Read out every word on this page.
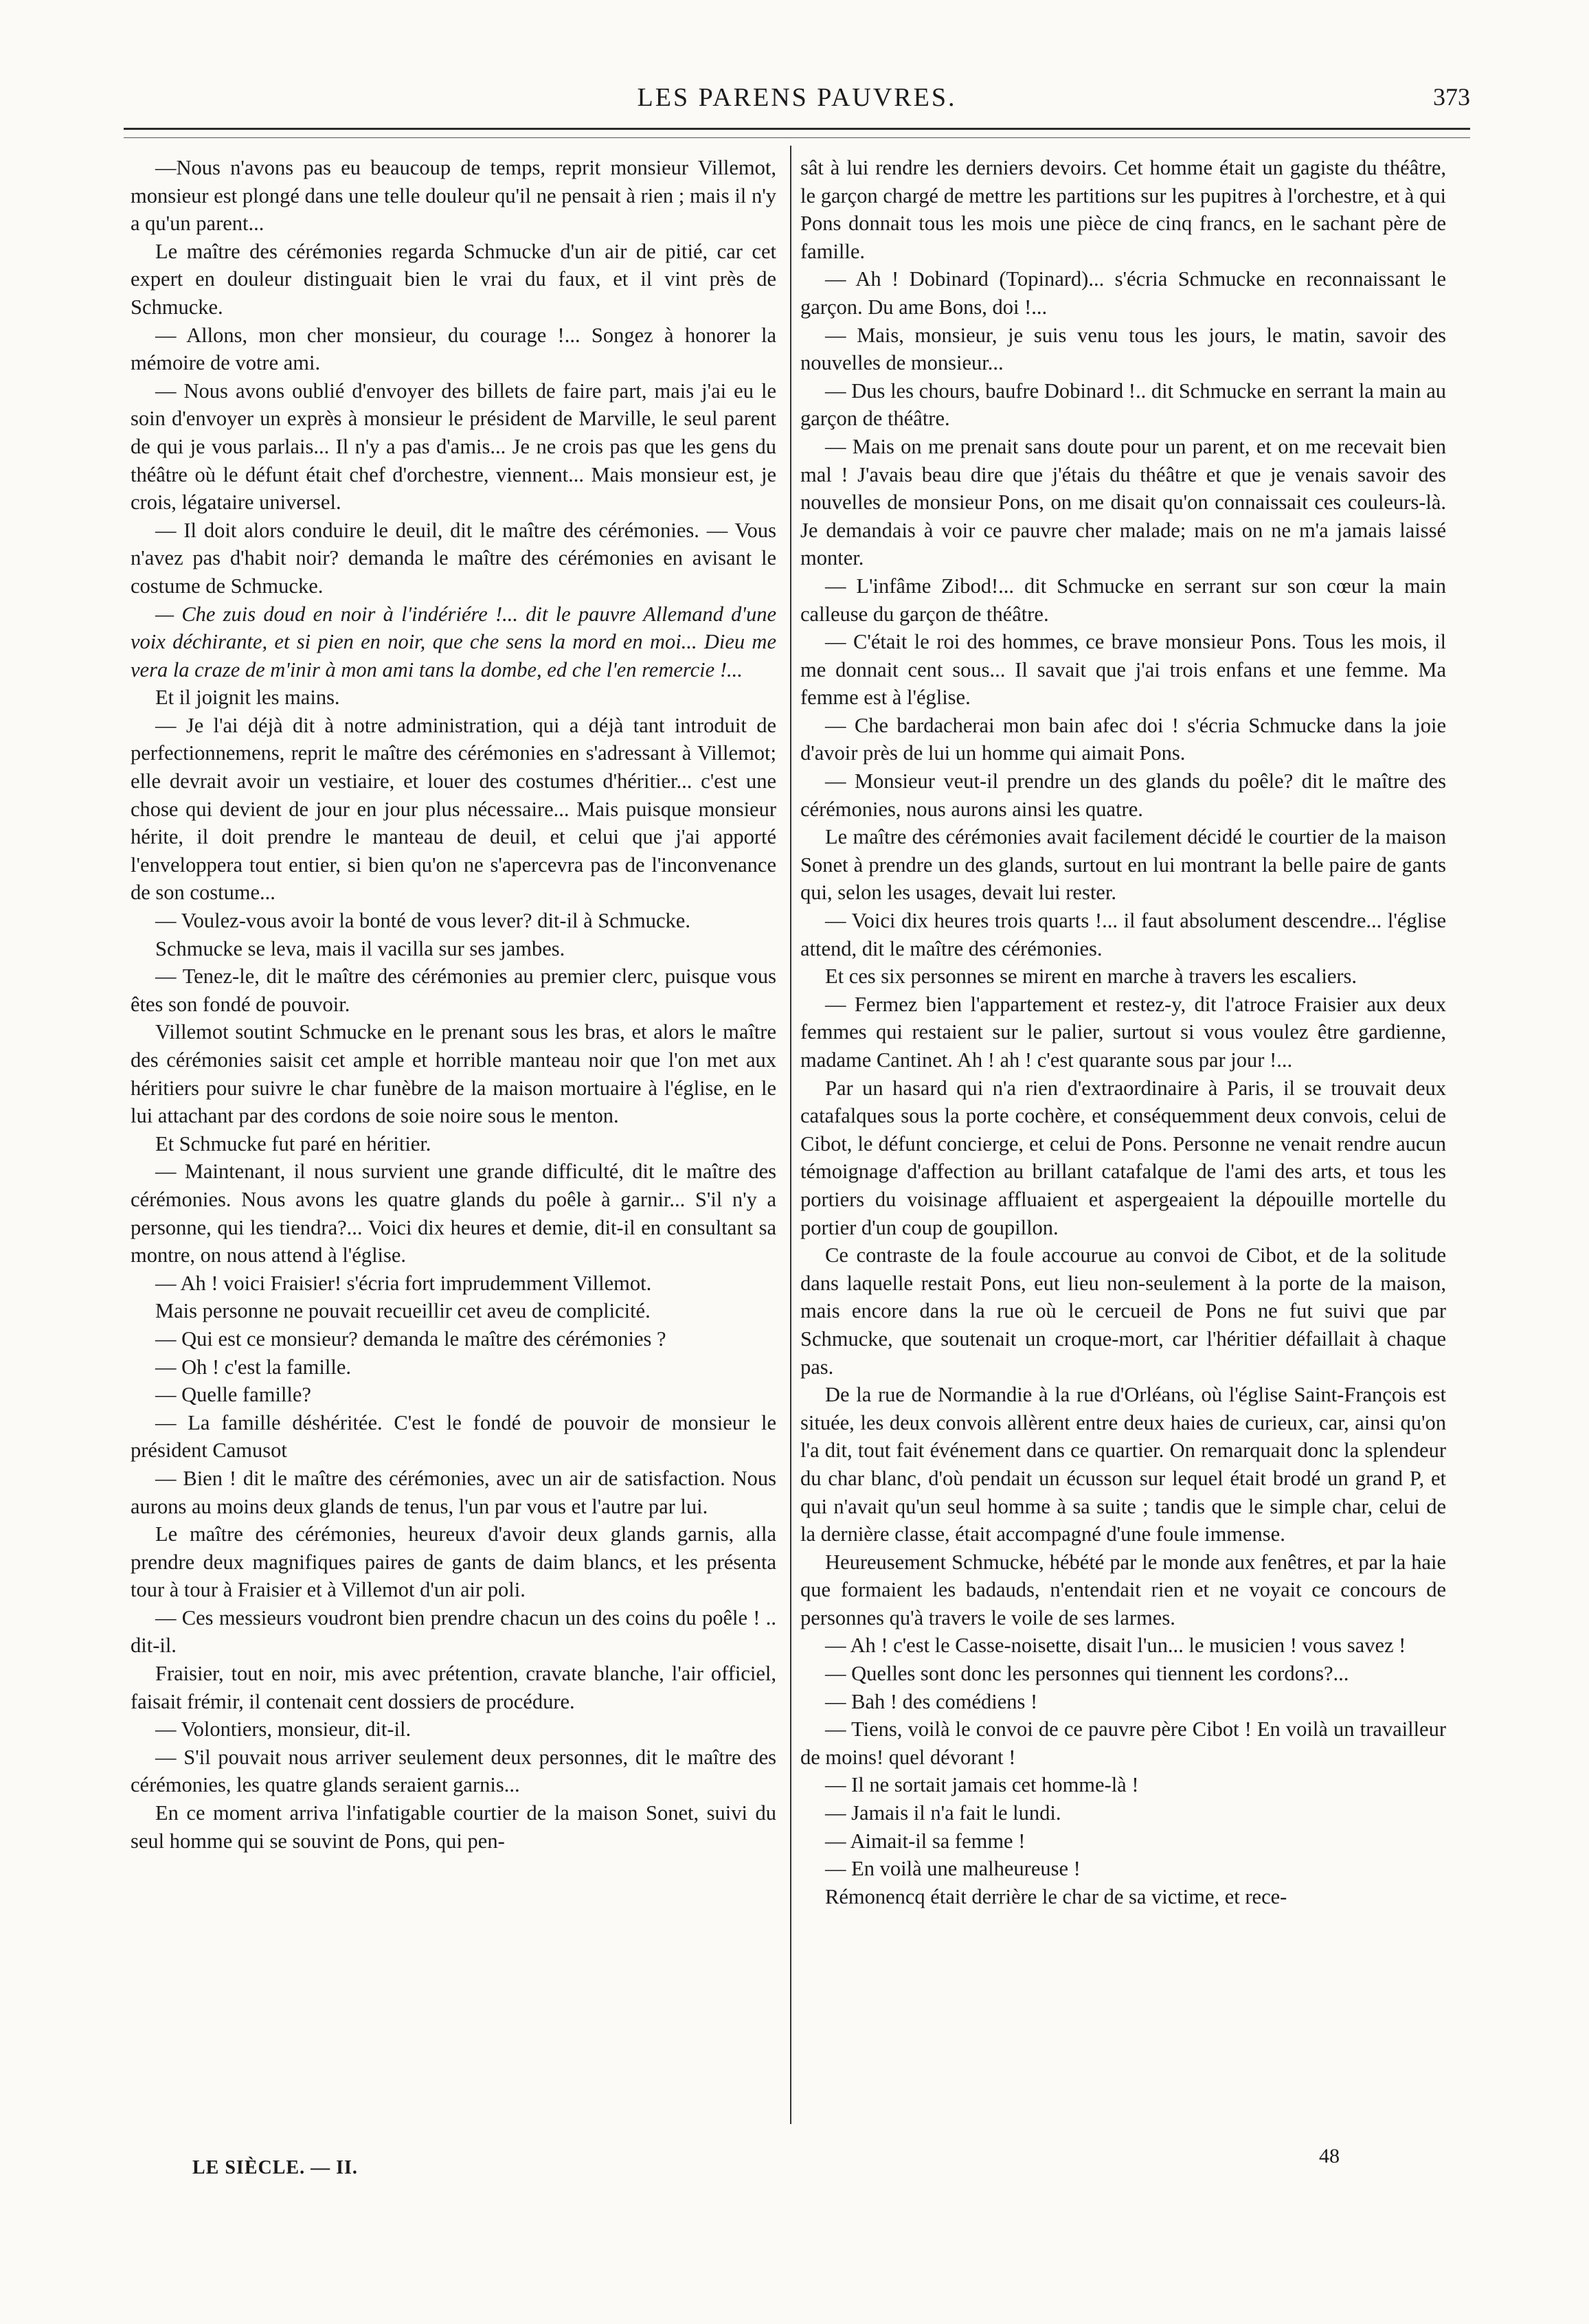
LES PARENS PAUVRES.	373

—Nous n'avons pas eu beaucoup de temps, reprit monsieur Villemot, monsieur est plongé dans une telle douleur qu'il ne pensait à rien ; mais il n'y a qu'un parent...

Le maître des cérémonies regarda Schmucke d'un air de pitié, car cet expert en douleur distinguait bien le vrai du faux, et il vint près de Schmucke.

— Allons, mon cher monsieur, du courage !... Songez à honorer la mémoire de votre ami.

— Nous avons oublié d'envoyer des billets de faire part, mais j'ai eu le soin d'envoyer un exprès à monsieur le président de Marville, le seul parent de qui je vous parlais... Il n'y a pas d'amis... Je ne crois pas que les gens du théâtre où le défunt était chef d'orchestre, viennent... Mais monsieur est, je crois, légataire universel.

— Il doit alors conduire le deuil, dit le maître des cérémonies. — Vous n'avez pas d'habit noir? demanda le maître des cérémonies en avisant le costume de Schmucke.

— Che zuis doud en noir à l'indériére !... dit le pauvre Allemand d'une voix déchirante, et si pien en noir, que che sens la mord en moi... Dieu me vera la craze de m'inir à mon ami tans la dombe, ed che l'en remercie !...

Et il joignit les mains.

— Je l'ai déjà dit à notre administration, qui a déjà tant introduit de perfectionnemens, reprit le maître des cérémonies en s'adressant à Villemot; elle devrait avoir un vestiaire, et louer des costumes d'héritier... c'est une chose qui devient de jour en jour plus nécessaire... Mais puisque monsieur hérite, il doit prendre le manteau de deuil, et celui que j'ai apporté l'enveloppera tout entier, si bien qu'on ne s'apercevra pas de l'inconvenance de son costume...

— Voulez-vous avoir la bonté de vous lever? dit-il à Schmucke.

Schmucke se leva, mais il vacilla sur ses jambes.

— Tenez-le, dit le maître des cérémonies au premier clerc, puisque vous êtes son fondé de pouvoir.

Villemot soutint Schmucke en le prenant sous les bras, et alors le maître des cérémonies saisit cet ample et horrible manteau noir que l'on met aux héritiers pour suivre le char funèbre de la maison mortuaire à l'église, en le lui attachant par des cordons de soie noire sous le menton.

Et Schmucke fut paré en héritier.

— Maintenant, il nous survient une grande difficulté, dit le maître des cérémonies. Nous avons les quatre glands du poêle à garnir... S'il n'y a personne, qui les tiendra?... Voici dix heures et demie, dit-il en consultant sa montre, on nous attend à l'église.

— Ah ! voici Fraisier! s'écria fort imprudemment Villemot.

Mais personne ne pouvait recueillir cet aveu de complicité.

— Qui est ce monsieur? demanda le maître des cérémonies ?

— Oh ! c'est la famille.

— Quelle famille?

— La famille déshéritée. C'est le fondé de pouvoir de monsieur le président Camusot

— Bien ! dit le maître des cérémonies, avec un air de satisfaction. Nous aurons au moins deux glands de tenus, l'un par vous et l'autre par lui.

Le maître des cérémonies, heureux d'avoir deux glands garnis, alla prendre deux magnifiques paires de gants de daim blancs, et les présenta tour à tour à Fraisier et à Villemot d'un air poli.

— Ces messieurs voudront bien prendre chacun un des coins du poêle ! .. dit-il.

Fraisier, tout en noir, mis avec prétention, cravate blanche, l'air officiel, faisait frémir, il contenait cent dossiers de procédure.

— Volontiers, monsieur, dit-il.

— S'il pouvait nous arriver seulement deux personnes, dit le maître des cérémonies, les quatre glands seraient garnis...

En ce moment arriva l'infatigable courtier de la maison Sonet, suivi du seul homme qui se souvint de Pons, qui pen-

sât à lui rendre les derniers devoirs. Cet homme était un gagiste du théâtre, le garçon chargé de mettre les partitions sur les pupitres à l'orchestre, et à qui Pons donnait tous les mois une pièce de cinq francs, en le sachant père de famille.

— Ah ! Dobinard (Topinard)... s'écria Schmucke en reconnaissant le garçon. Du ame Bons, doi !...

— Mais, monsieur, je suis venu tous les jours, le matin, savoir des nouvelles de monsieur...

— Dus les chours, baufre Dobinard !.. dit Schmucke en serrant la main au garçon de théâtre.

— Mais on me prenait sans doute pour un parent, et on me recevait bien mal ! J'avais beau dire que j'étais du théâtre et que je venais savoir des nouvelles de monsieur Pons, on me disait qu'on connaissait ces couleurs-là. Je demandais à voir ce pauvre cher malade; mais on ne m'a jamais laissé monter.

— L'infâme Zibod!... dit Schmucke en serrant sur son cœur la main calleuse du garçon de théâtre.

— C'était le roi des hommes, ce brave monsieur Pons. Tous les mois, il me donnait cent sous... Il savait que j'ai trois enfans et une femme. Ma femme est à l'église.

— Che bardacherai mon bain afec doi ! s'écria Schmucke dans la joie d'avoir près de lui un homme qui aimait Pons.

— Monsieur veut-il prendre un des glands du poêle? dit le maître des cérémonies, nous aurons ainsi les quatre.

Le maître des cérémonies avait facilement décidé le courtier de la maison Sonet à prendre un des glands, surtout en lui montrant la belle paire de gants qui, selon les usages, devait lui rester.

— Voici dix heures trois quarts !... il faut absolument descendre... l'église attend, dit le maître des cérémonies.

Et ces six personnes se mirent en marche à travers les escaliers.

— Fermez bien l'appartement et restez-y, dit l'atroce Fraisier aux deux femmes qui restaient sur le palier, surtout si vous voulez être gardienne, madame Cantinet. Ah ! ah ! c'est quarante sous par jour !...

Par un hasard qui n'a rien d'extraordinaire à Paris, il se trouvait deux catafalques sous la porte cochère, et conséquemment deux convois, celui de Cibot, le défunt concierge, et celui de Pons. Personne ne venait rendre aucun témoignage d'affection au brillant catafalque de l'ami des arts, et tous les portiers du voisinage affluaient et aspergeaient la dépouille mortelle du portier d'un coup de goupillon.

Ce contraste de la foule accourue au convoi de Cibot, et de la solitude dans laquelle restait Pons, eut lieu non-seulement à la porte de la maison, mais encore dans la rue où le cercueil de Pons ne fut suivi que par Schmucke, que soutenait un croque-mort, car l'héritier défaillait à chaque pas.

De la rue de Normandie à la rue d'Orléans, où l'église Saint-François est située, les deux convois allèrent entre deux haies de curieux, car, ainsi qu'on l'a dit, tout fait événement dans ce quartier. On remarquait donc la splendeur du char blanc, d'où pendait un écusson sur lequel était brodé un grand P, et qui n'avait qu'un seul homme à sa suite ; tandis que le simple char, celui de la dernière classe, était accompagné d'une foule immense.

Heureusement Schmucke, hébété par le monde aux fenêtres, et par la haie que formaient les badauds, n'entendait rien et ne voyait ce concours de personnes qu'à travers le voile de ses larmes.

— Ah ! c'est le Casse-noisette, disait l'un... le musicien ! vous savez !

— Quelles sont donc les personnes qui tiennent les cordons?...

— Bah ! des comédiens !

— Tiens, voilà le convoi de ce pauvre père Cibot ! En voilà un travailleur de moins! quel dévorant !

— Il ne sortait jamais cet homme-là !

— Jamais il n'a fait le lundi.

— Aimait-il sa femme !

— En voilà une malheureuse !

Rémonencq était derrière le char de sa victime, et rece-

LE SIÈCLE. — II.
48
